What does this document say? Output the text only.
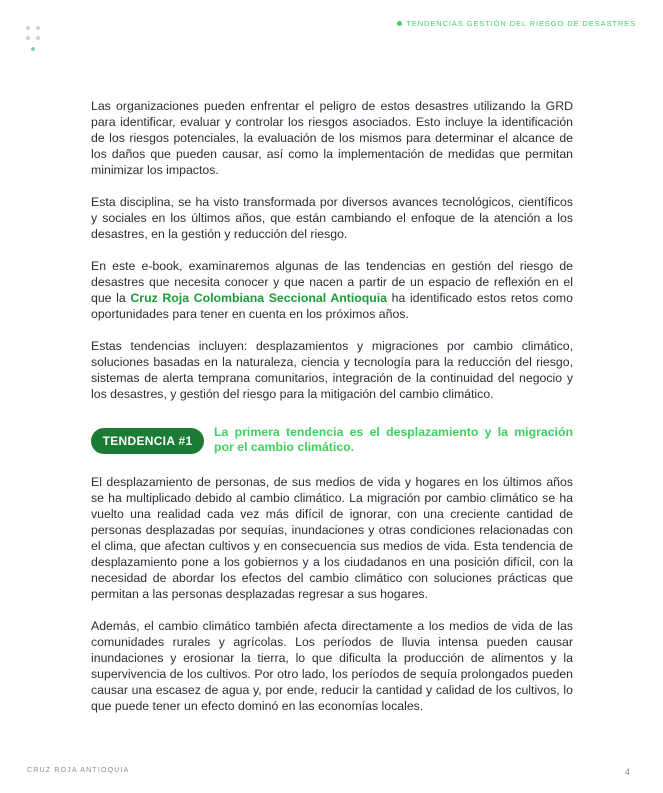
TENDENCIAS GESTIÓN DEL RIESGO DE DESASTRES

Las organizaciones pueden enfrentar el peligro de estos desastres utilizando la GRD para identificar, evaluar y controlar los riesgos asociados. Esto incluye la identificación de los riesgos potenciales, la evaluación de los mismos para determinar el alcance de los daños que pueden causar, así como la implementación de medidas que permitan minimizar los impactos.

Esta disciplina, se ha visto transformada por diversos avances tecnológicos, científicos y sociales en los últimos años, que están cambiando el enfoque de la atención a los desastres, en la gestión y reducción del riesgo.

En este e-book, examinaremos algunas de las tendencias en gestión del riesgo de desastres que necesita conocer y que nacen a partir de un espacio de reflexión en el que la Cruz Roja Colombiana Seccional Antioquia ha identificado estos retos como oportunidades para tener en cuenta en los próximos años.

Estas tendencias incluyen: desplazamientos y migraciones por cambio climático, soluciones basadas en la naturaleza, ciencia y tecnología para la reducción del riesgo, sistemas de alerta temprana comunitarios, integración de la continuidad del negocio y los desastres, y gestión del riesgo para la mitigación del cambio climático.

TENDENCIA #1
La primera tendencia es el desplazamiento y la migración por el cambio climático.

El desplazamiento de personas, de sus medios de vida y hogares en los últimos años se ha multiplicado debido al cambio climático. La migración por cambio climático se ha vuelto una realidad cada vez más difícil de ignorar, con una creciente cantidad de personas desplazadas por sequías, inundaciones y otras condiciones relacionadas con el clima, que afectan cultivos y en consecuencia sus medios de vida. Esta tendencia de desplazamiento pone a los gobiernos y a los ciudadanos en una posición difícil, con la necesidad de abordar los efectos del cambio climático con soluciones prácticas que permitan a las personas desplazadas regresar a sus hogares.

Además, el cambio climático también afecta directamente a los medios de vida de las comunidades rurales y agrícolas. Los períodos de lluvia intensa pueden causar inundaciones y erosionar la tierra, lo que dificulta la producción de alimentos y la supervivencia de los cultivos. Por otro lado, los períodos de sequía prolongados pueden causar una escasez de agua y, por ende, reducir la cantidad y calidad de los cultivos, lo que puede tener un efecto dominó en las economías locales.

CRUZ ROJA ANTIOQUIA	4
